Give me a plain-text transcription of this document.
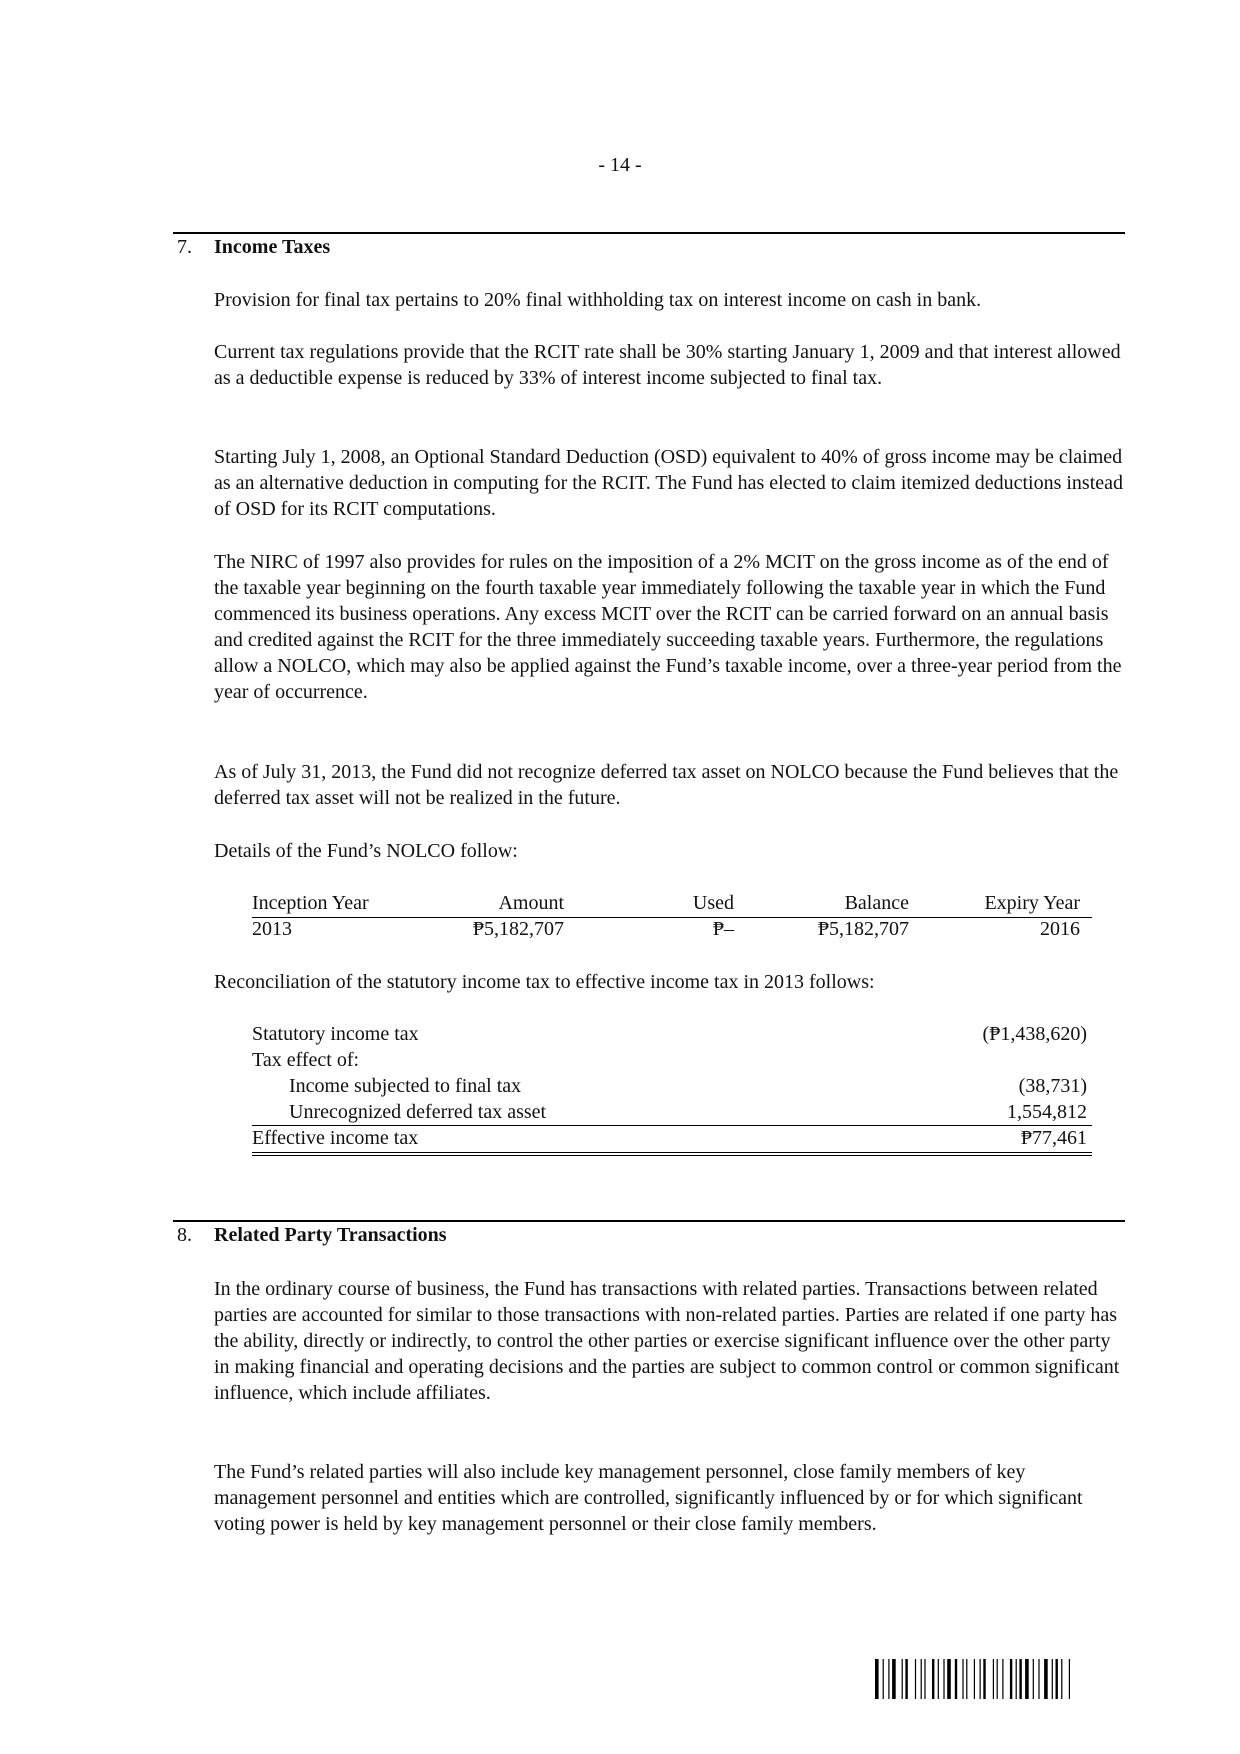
- 14 -
7. Income Taxes

Provision for final tax pertains to 20% final withholding tax on interest income on cash in bank.

Current tax regulations provide that the RCIT rate shall be 30% starting January 1, 2009 and that interest allowed as a deductible expense is reduced by 33% of interest income subjected to final tax.

Starting July 1, 2008, an Optional Standard Deduction (OSD) equivalent to 40% of gross income may be claimed as an alternative deduction in computing for the RCIT. The Fund has elected to claim itemized deductions instead of OSD for its RCIT computations.

The NIRC of 1997 also provides for rules on the imposition of a 2% MCIT on the gross income as of the end of the taxable year beginning on the fourth taxable year immediately following the taxable year in which the Fund commenced its business operations. Any excess MCIT over the RCIT can be carried forward on an annual basis and credited against the RCIT for the three immediately succeeding taxable years. Furthermore, the regulations allow a NOLCO, which may also be applied against the Fund’s taxable income, over a three-year period from the year of occurrence.

As of July 31, 2013, the Fund did not recognize deferred tax asset on NOLCO because the Fund believes that the deferred tax asset will not be realized in the future.

Details of the Fund’s NOLCO follow:

Inception Year	Amount	Used	Balance	Expiry Year
2013	₱5,182,707	₱–	₱5,182,707	2016

Reconciliation of the statutory income tax to effective income tax in 2013 follows:

Statutory income tax	(₱1,438,620)
Tax effect of:
Income subjected to final tax	(38,731)
Unrecognized deferred tax asset	1,554,812
Effective income tax	₱77,461
8. Related Party Transactions

In the ordinary course of business, the Fund has transactions with related parties. Transactions between related parties are accounted for similar to those transactions with non-related parties. Parties are related if one party has the ability, directly or indirectly, to control the other parties or exercise significant influence over the other party in making financial and operating decisions and the parties are subject to common control or common significant influence, which include affiliates.

The Fund’s related parties will also include key management personnel, close family members of key management personnel and entities which are controlled, significantly influenced by or for which significant voting power is held by key management personnel or their close family members.
